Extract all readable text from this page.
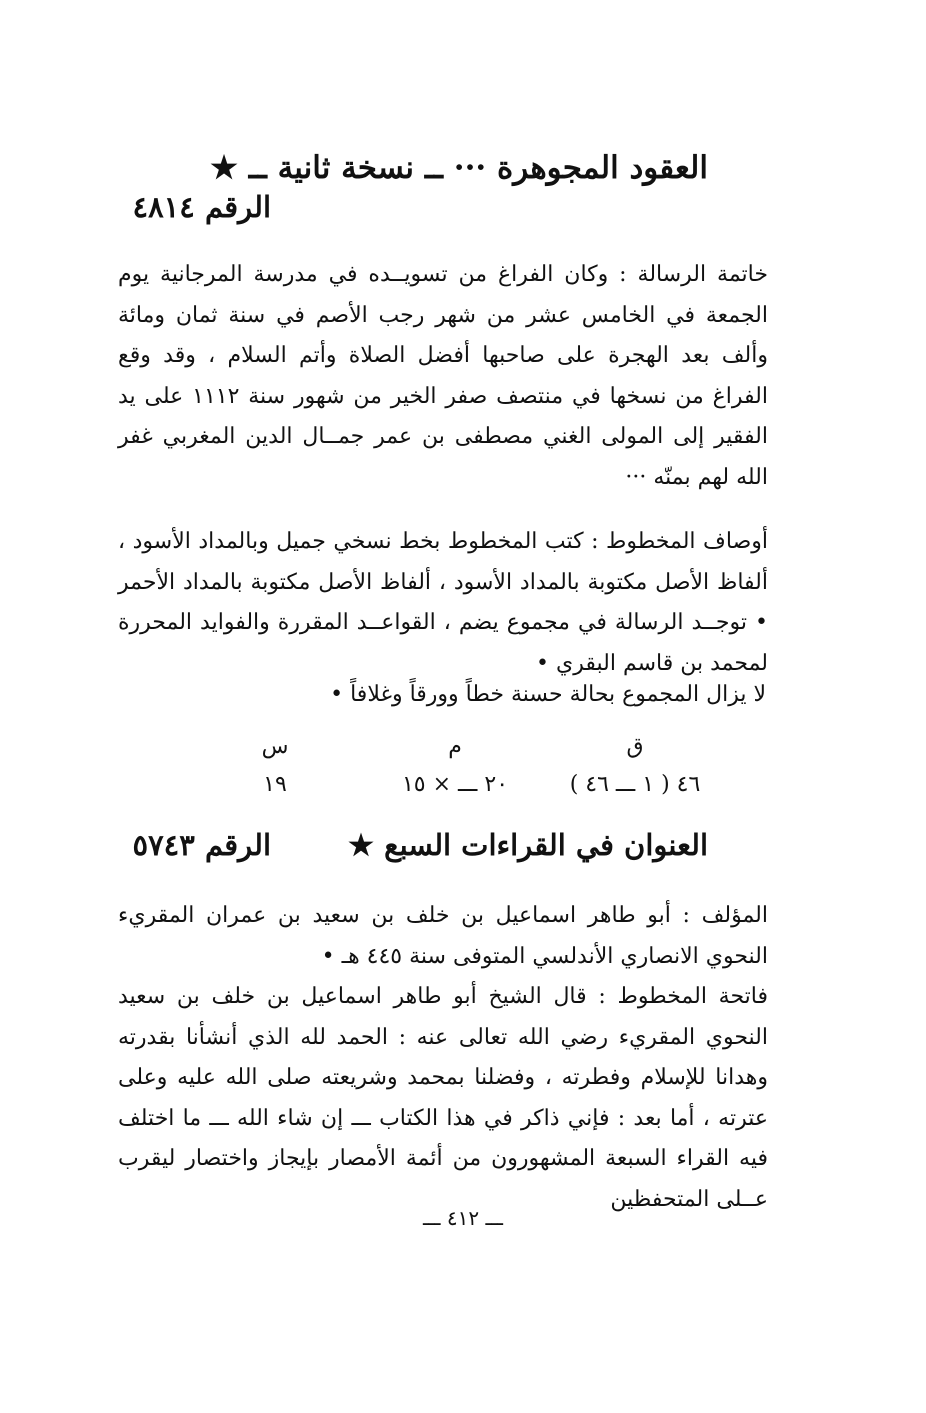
العقود المجوهرة ··· ــ نسخة ثانية ــ ★
الرقم ٤٨١٤

خاتمة الرسالة : وكان الفراغ من تسويــده في مدرسة المرجانية يوم الجمعة في الخامس عشر من شهر رجب الأصم في سنة ثمان ومائة وألف بعد الهجرة على صاحبها أفضل الصلاة وأتم السلام ، وقد وقع الفراغ من نسخها في منتصف صفر الخير من شهور سنة ١١١٢ على يد الفقير إلى المولى الغني مصطفى بن عمر جمــال الدين المغربي غفر الله لهم بمنّه ···

أوصاف المخطوط : كتب المخطوط بخط نسخي جميل وبالمداد الأسود ، ألفاظ الأصل مكتوبة بالمداد الأسود ، ألفاظ الأصل مكتوبة بالمداد الأحمر • توجــد الرسالة في مجموع يضم ، القواعــد المقررة والفوايد المحررة لمحمد بن قاسم البقري •

لا يزال المجموع بحالة حسنة خطاً وورقاً وغلافاً •
ق
م
س
٤٦ ( ١ ـــ ٤٦ )
٢٠ ـــ × ١٥
١٩
العنوان في القراءات السبع ★
الرقم ٥٧٤٣

المؤلف : أبو طاهر اسماعيل بن خلف بن سعيد بن عمران المقريء النحوي الانصاري الأندلسي المتوفى سنة ٤٤٥ هـ •

فاتحة المخطوط : قال الشيخ أبو طاهر اسماعيل بن خلف بن سعيد النحوي المقريء رضي الله تعالى عنه : الحمد لله الذي أنشأنا بقدرته وهدانا للإسلام وفطرته ، وفضلنا بمحمد وشريعته صلى الله عليه وعلى عترته ، أما بعد : فإني ذاكر في هذا الكتاب ـــ إن شاء الله ـــ ما اختلف فيه القراء السبعة المشهورون من أئمة الأمصار بإيجاز واختصار ليقرب عــلى المتحفظين

ـــ ٤١٢ ـــ
